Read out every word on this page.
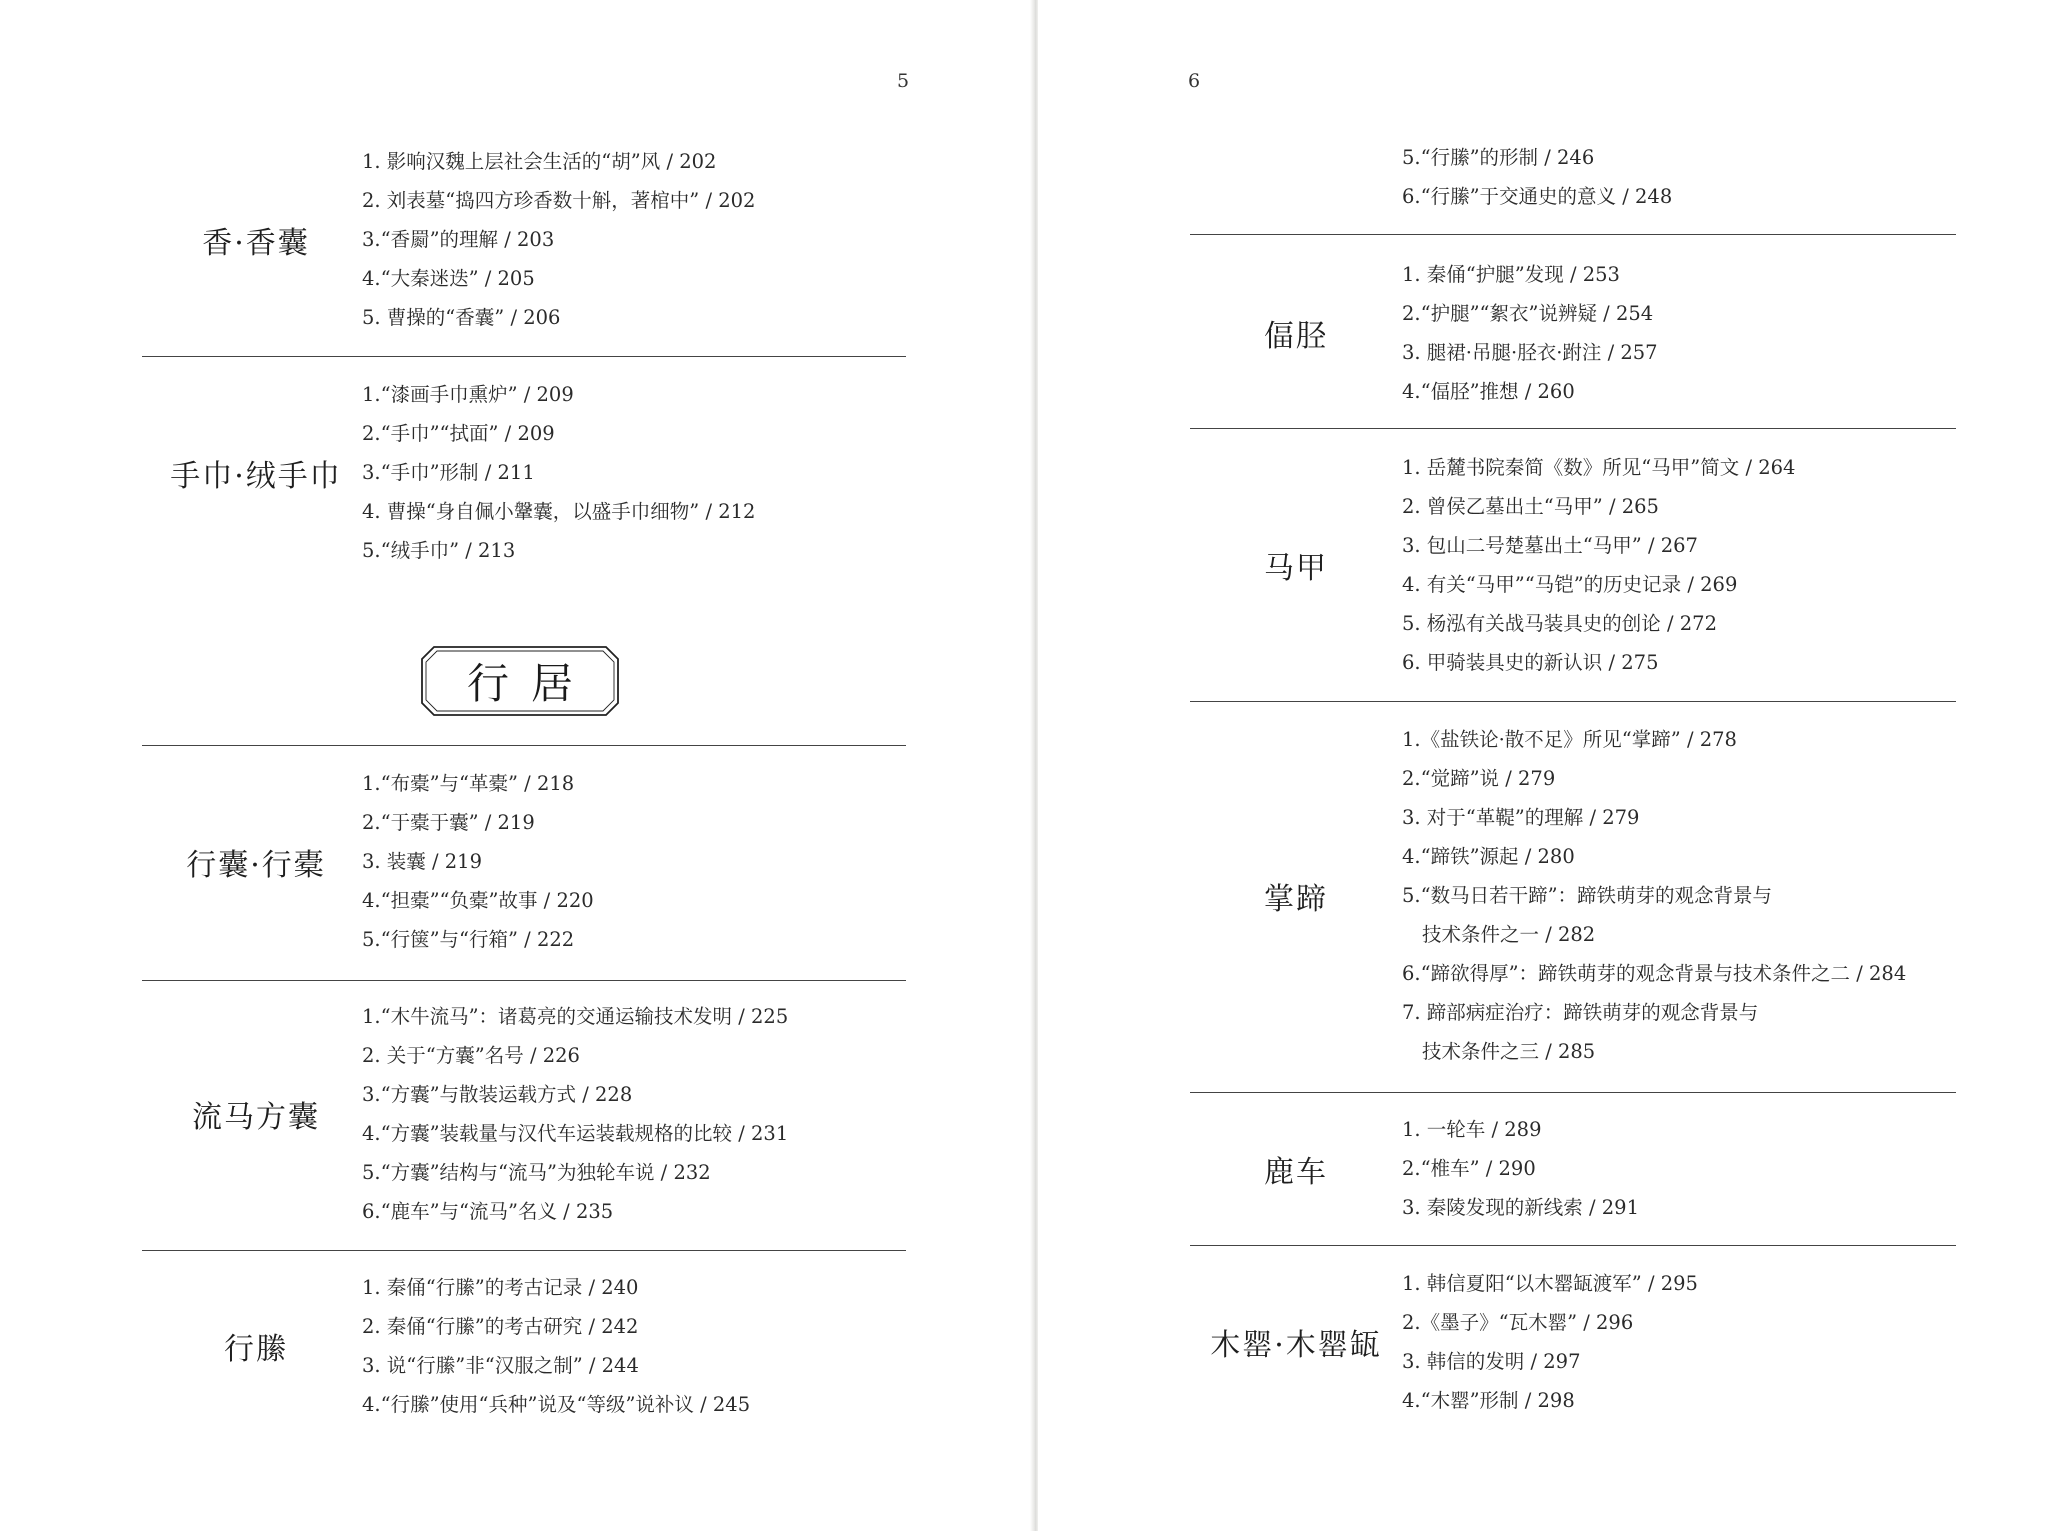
5
香·香囊
1. 影响汉魏上层社会生活的“胡”风 / 202
2. 刘表墓“捣四方珍香数十斛，著棺中” / 202
3.“香罽”的理解 / 203
4.“大秦迷迭” / 205
5. 曹操的“香囊” / 206
手巾·绒手巾
1.“漆画手巾熏炉” / 209
2.“手巾”“拭面” / 209
3.“手巾”形制 / 211
4. 曹操“身自佩小鞶囊，以盛手巾细物” / 212
5.“绒手巾” / 213
行居
行囊·行橐
1.“布橐”与“革橐” / 218
2.“于橐于囊” / 219
3. 装囊 / 219
4.“担橐”“负橐”故事 / 220
5.“行箧”与“行箱” / 222
流马方囊
1.“木牛流马”：诸葛亮的交通运输技术发明 / 225
2. 关于“方囊”名号 / 226
3.“方囊”与散装运载方式 / 228
4.“方囊”装载量与汉代车运装载规格的比较 / 231
5.“方囊”结构与“流马”为独轮车说 / 232
6.“鹿车”与“流马”名义 / 235
行縢
1. 秦俑“行縢”的考古记录 / 240
2. 秦俑“行縢”的考古研究 / 242
3. 说“行縢”非“汉服之制” / 244
4.“行縢”使用“兵种”说及“等级”说补议 / 245
6
5.“行縢”的形制 / 246
6.“行縢”于交通史的意义 / 248
偪胫
1. 秦俑“护腿”发现 / 253
2.“护腿”“絮衣”说辨疑 / 254
3. 腿裙·吊腿·胫衣·跗注 / 257
4.“偪胫”推想 / 260
马甲
1. 岳麓书院秦简《数》所见“马甲”简文 / 264
2. 曾侯乙墓出土“马甲” / 265
3. 包山二号楚墓出土“马甲” / 267
4. 有关“马甲”“马铠”的历史记录 / 269
5. 杨泓有关战马装具史的创论 / 272
6. 甲骑装具史的新认识 / 275
掌蹄
1.《盐铁论·散不足》所见“掌蹄” / 278
2.“觉蹄”说 / 279
3. 对于“革鞮”的理解 / 279
4.“蹄铁”源起 / 280
5.“数马日若干蹄”：蹄铁萌芽的观念背景与
技术条件之一 / 282
6.“蹄欲得厚”：蹄铁萌芽的观念背景与技术条件之二 / 284
7. 蹄部病症治疗：蹄铁萌芽的观念背景与
技术条件之三 / 285
鹿车
1. 一轮车 / 289
2.“椎车” / 290
3. 秦陵发现的新线索 / 291
木罂·木罂缻
1. 韩信夏阳“以木罂缻渡军” / 295
2.《墨子》“瓦木罂” / 296
3. 韩信的发明 / 297
4.“木罂”形制 / 298
